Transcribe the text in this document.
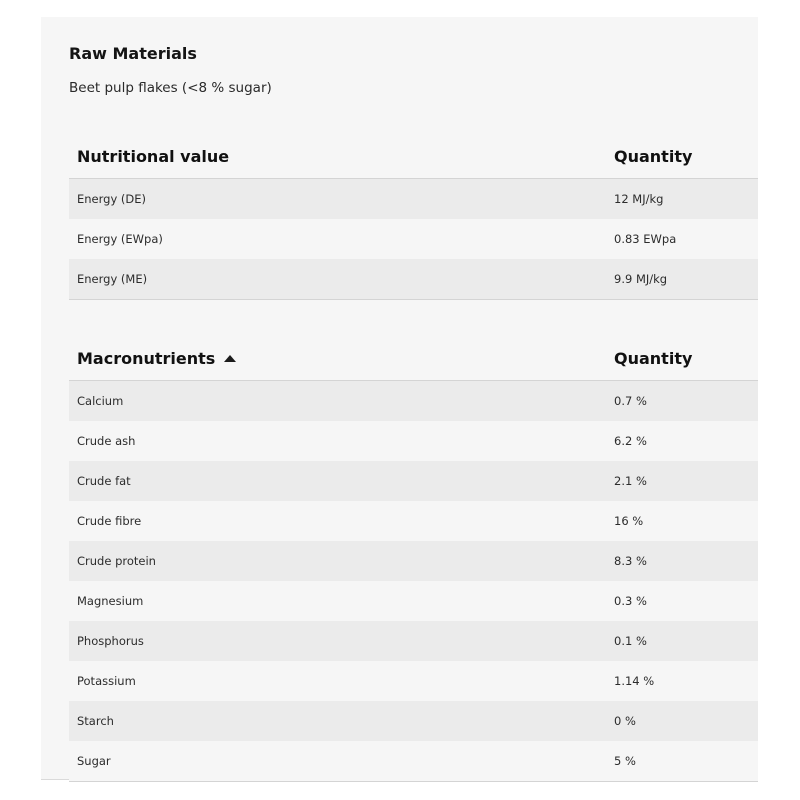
Raw Materials

Beet pulp flakes (<8 % sugar)

Nutritional value	Quantity
Energy (DE)	12 MJ/kg
Energy (EWpa)	0.83 EWpa
Energy (ME)	9.9 MJ/kg
Macronutrients	Quantity
Calcium	0.7 %
Crude ash	6.2 %
Crude fat	2.1 %
Crude fibre	16 %
Crude protein	8.3 %
Magnesium	0.3 %
Phosphorus	0.1 %
Potassium	1.14 %
Starch	0 %
Sugar	5 %
